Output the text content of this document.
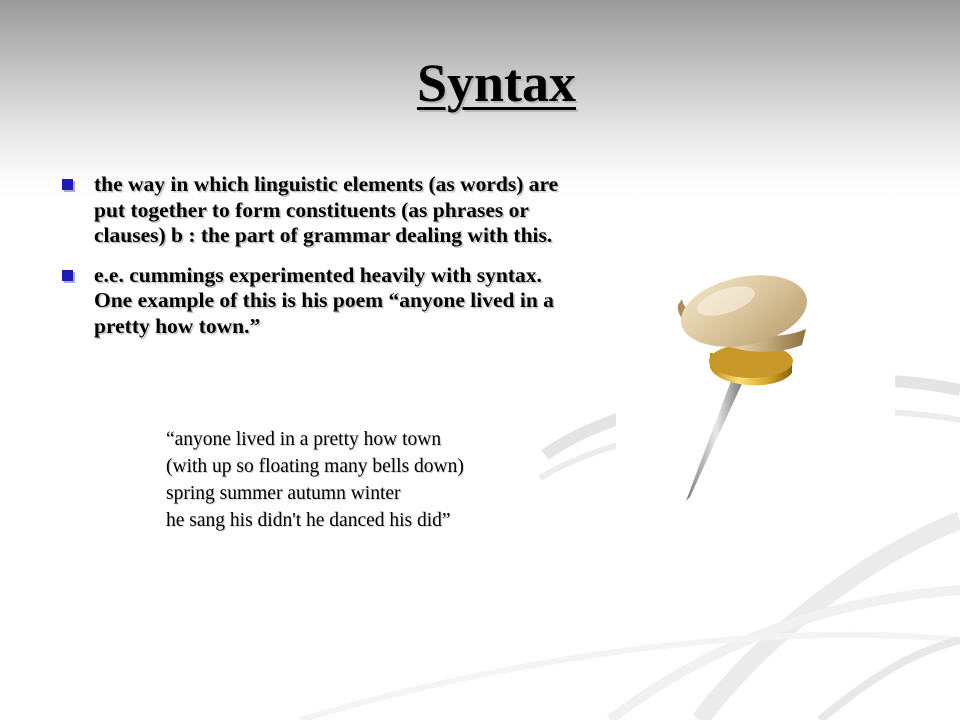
Syntax
the way in which linguistic elements (as words) are put together to form constituents (as phrases or clauses) b : the part of grammar dealing with this.
e.e. cummings experimented heavily with syntax. One example of this is his poem “anyone lived in a pretty how town.”
“anyone lived in a pretty how town
(with up so floating many bells down)
spring summer autumn winter
he sang his didn't he danced his did”
